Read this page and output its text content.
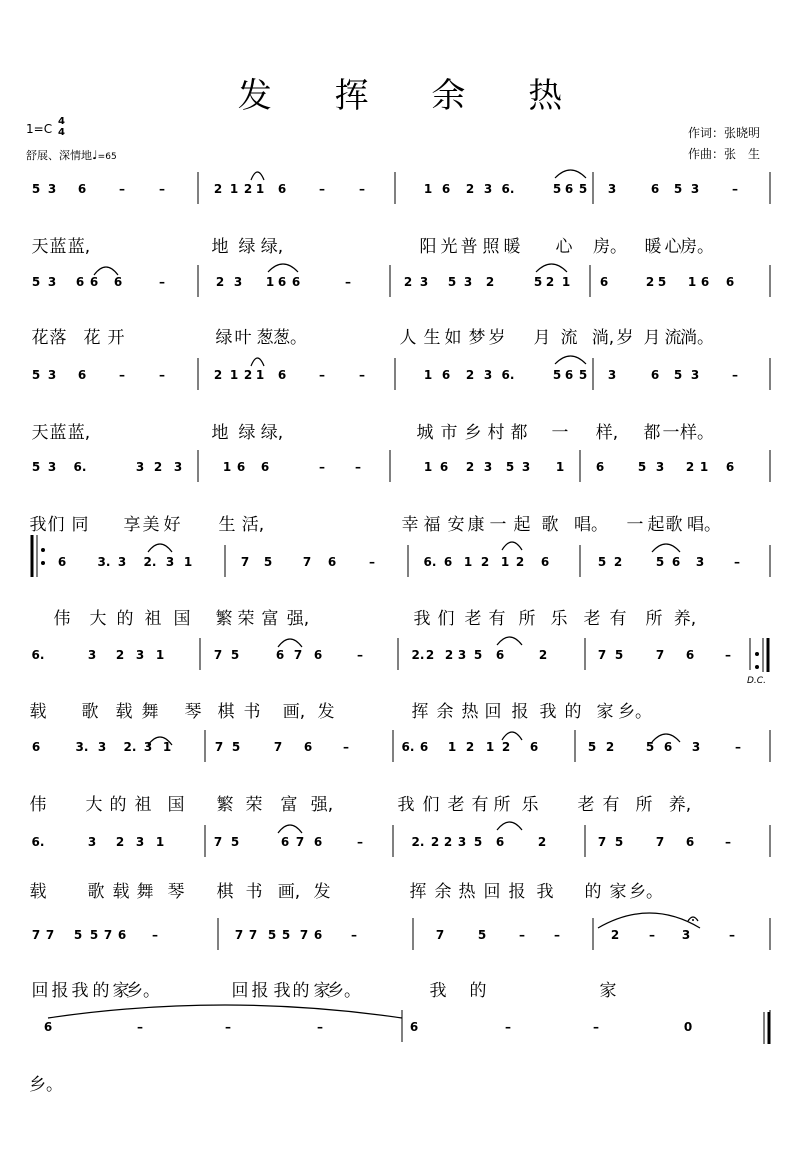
发 挥 余 热
1=C
4
4
舒展、深情地♩=65
作词：张晓明
作曲：张　生
D.C.
5 3 6	–	–	2 1 2 1 6	–	–	1 6 2 3 6.	5 6 5 3	6 5 3	–
天 蓝 蓝,	地 绿 绿,	阳 光 普 照 暖 心 房。 暖 心
房。
5 3 6 6 6	–	2 3 1 6 6	–	2 3 5 3 2	5 2 1 6	2 5 1 6 6
花 落 花 开	绿 叶 葱 葱。	人 生 如 梦 岁 月 流 淌, 岁 月 流
淌。
5 3 6	–	–	2 1 2 1 6	–	–	1 6 2 3 6.	5 6 5 3	6 5 3	–
天 蓝 蓝,	地 绿 绿,	城 市 乡 村 都 一 样, 都 一 样。
5 3 6.	3 2 3	1 6 6	–	–	1 6 2 3 5 3 1	6	5 3 2 1 6
我 们 同 享 美 好 生 活,	幸 福 安 康 一 起 歌 唱。 一 起 歌 唱。
6	3. 3 2. 3 1	7 5	7 6	–	6. 6 1 2 1 2 6	5 2	5 6 3 –
伟 大 的 祖 国 繁 荣 富 强,	我 们 老 有 所 乐 老 有 所 养,
6.	3 2 3 1	7 5	6 7 6	–	2. 2 2 3 5 6	2	7 5	7 6	–
载 歌 载 舞 琴 棋 书 画, 发	挥 余 热 回 报 我 的 家 乡。
6	3. 3 2. 3 1	7 5	7 6	–	6. 6 1 2 1 2 6	5 2	5 6 3	–
伟 大 的 祖 国 繁 荣 富 强,	我 们 老 有 所 乐 老 有 所 养,
6.	3 2 3 1	7 5	6 7 6	–	2. 2 2 3 5 6	2	7 5	7 6	–
载 歌 载 舞 琴 棋 书 画, 发	挥 余 热 回 报 我 的 家 乡。
7 7 5 5 7 6 –	7 7 5 5 7 6 –	7	5	– –	2 – 3	–
回 报 我 的 家
乡。	回 报 我 的 家
乡。	我 的	家
6	–	–	–	6	–	–	0
乡。
